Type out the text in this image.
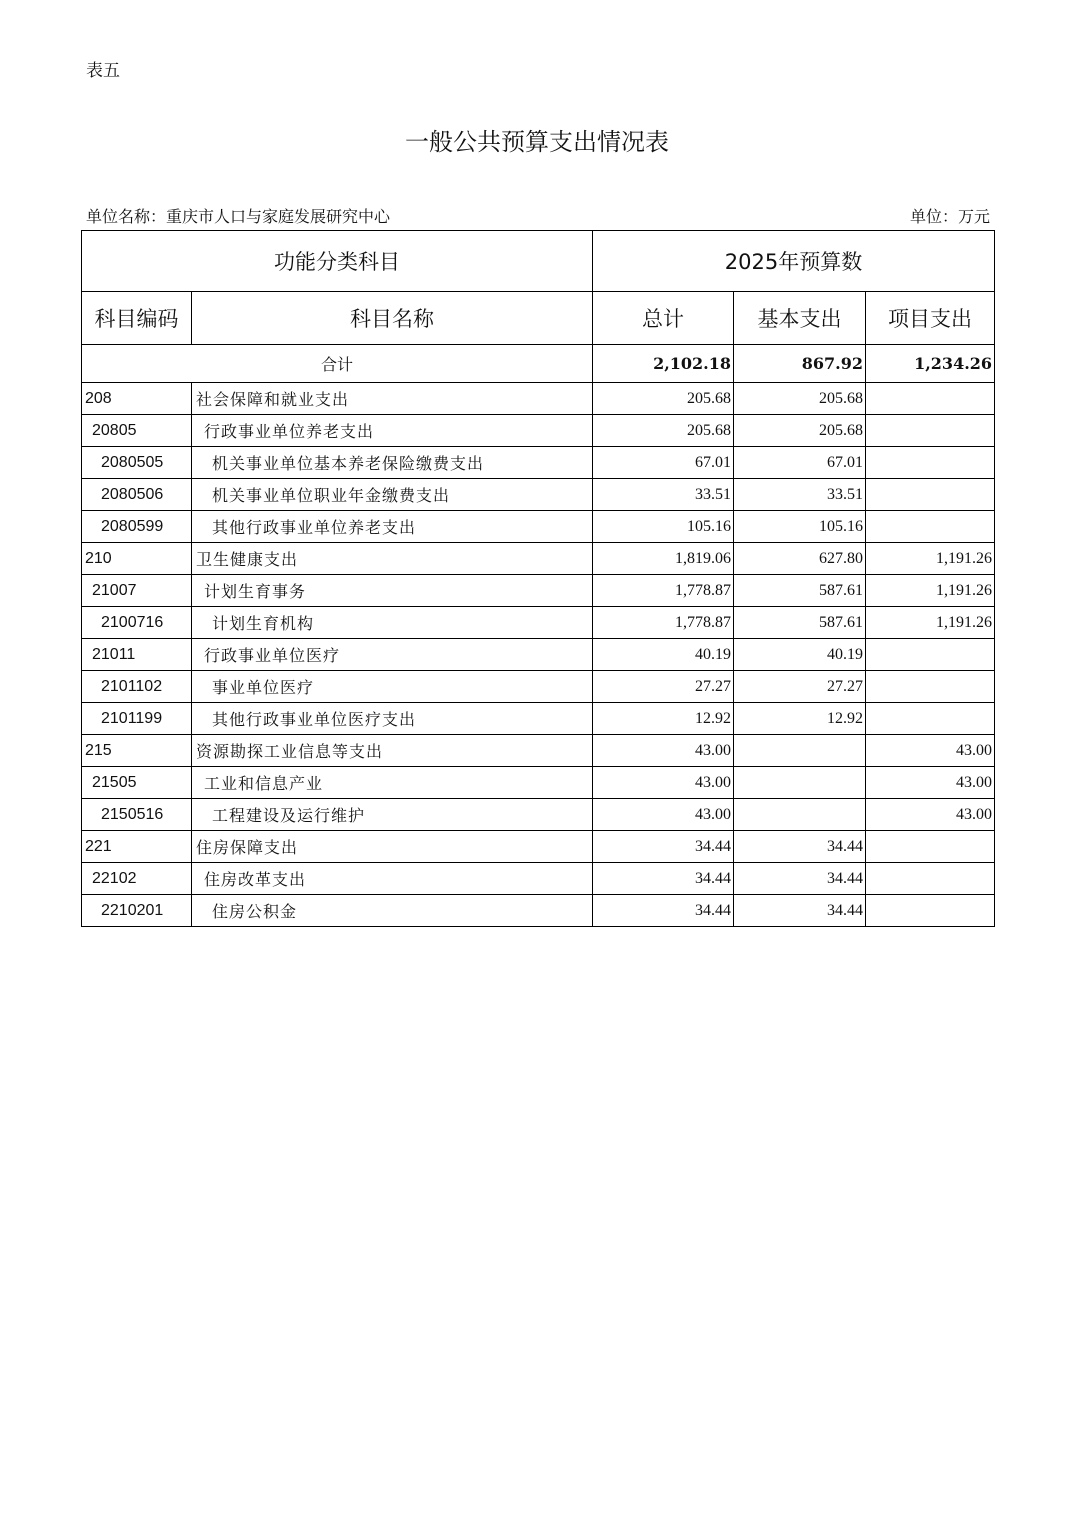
表五
一般公共预算支出情况表
单位名称：重庆市人口与家庭发展研究中心	单位：万元
功能分类科目		2025年预算数		
科目编码	科目名称	总计	基本支出	项目支出
合计		2,102.18	867.92	1,234.26
208	社会保障和就业支出	205.68	205.68	
20805	行政事业单位养老支出	205.68	205.68	
2080505	机关事业单位基本养老保险缴费支出	67.01	67.01	
2080506	机关事业单位职业年金缴费支出	33.51	33.51	
2080599	其他行政事业单位养老支出	105.16	105.16	
210	卫生健康支出	1,819.06	627.80	1,191.26
21007	计划生育事务	1,778.87	587.61	1,191.26
2100716	计划生育机构	1,778.87	587.61	1,191.26
21011	行政事业单位医疗	40.19	40.19	
2101102	事业单位医疗	27.27	27.27	
2101199	其他行政事业单位医疗支出	12.92	12.92	
215	资源勘探工业信息等支出	43.00		43.00
21505	工业和信息产业	43.00		43.00
2150516	工程建设及运行维护	43.00		43.00
221	住房保障支出	34.44	34.44	
22102	住房改革支出	34.44	34.44	
2210201	住房公积金	34.44	34.44	
